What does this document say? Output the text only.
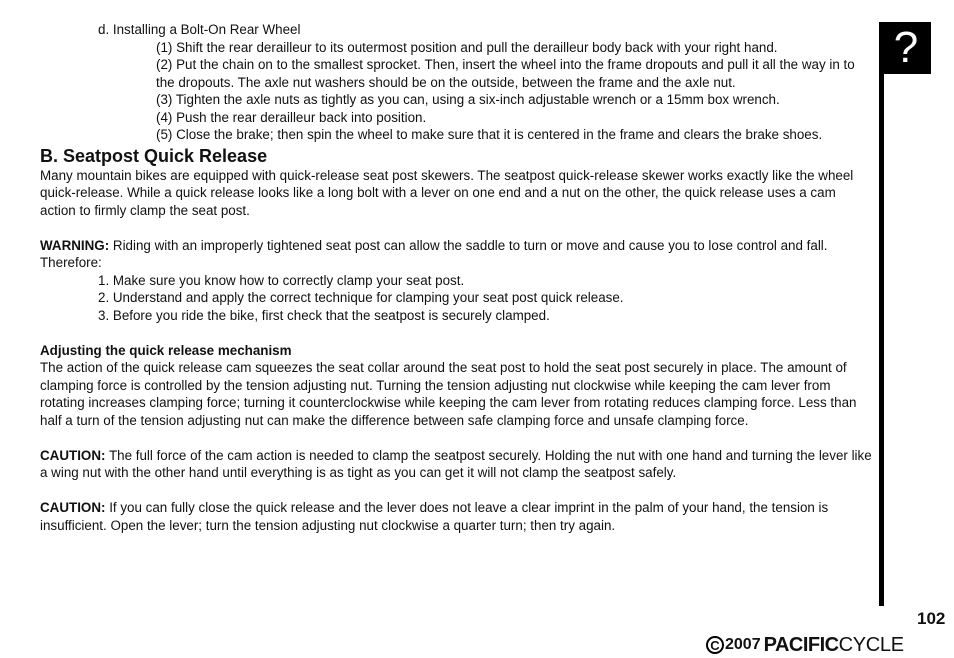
d. Installing a Bolt-On Rear Wheel
(1) Shift the rear derailleur to its outermost position and pull the derailleur body back with your right hand.
(2) Put the chain on to the smallest sprocket. Then, insert the wheel into the frame dropouts and pull it all the way in to the dropouts. The axle nut washers should be on the outside, between the frame and the axle nut.
(3) Tighten the axle nuts as tightly as you can, using a six-inch adjustable wrench or a 15mm box wrench.
(4) Push the rear derailleur back into position.
(5) Close the brake; then spin the wheel to make sure that it is centered in the frame and clears the brake shoes.
B. Seatpost Quick Release
Many mountain bikes are equipped with quick-release seat post skewers. The seatpost quick-release skewer works exactly like the wheel quick-release. While a quick release looks like a long bolt with a lever on one end and a nut on the other, the quick release uses a cam action to firmly clamp the seat post.
WARNING: Riding with an improperly tightened seat post can allow the saddle to turn or move and cause you to lose control and fall. Therefore:
1. Make sure you know how to correctly clamp your seat post.
2. Understand and apply the correct technique for clamping your seat post quick release.
3. Before you ride the bike, first check that the seatpost is securely clamped.
Adjusting the quick release mechanism
The action of the quick release cam squeezes the seat collar around the seat post to hold the seat post securely in place. The amount of clamping force is controlled by the tension adjusting nut. Turning the tension adjusting nut clockwise while keeping the cam lever from rotating increases clamping force; turning it counterclockwise while keeping the cam lever from rotating reduces clamping force. Less than half a turn of the tension adjusting nut can make the difference between safe clamping force and unsafe clamping force.
CAUTION: The full force of the cam action is needed to clamp the seatpost securely. Holding the nut with one hand and turning the lever like a wing nut with the other hand until everything is as tight as you can get it will not clamp the seatpost safely.
CAUTION: If you can fully close the quick release and the lever does not leave a clear imprint in the palm of your hand, the tension is insufficient. Open the lever; turn the tension adjusting nut clockwise a quarter turn; then try again.
?
102
C 2007 PACIFIC CYCLE
